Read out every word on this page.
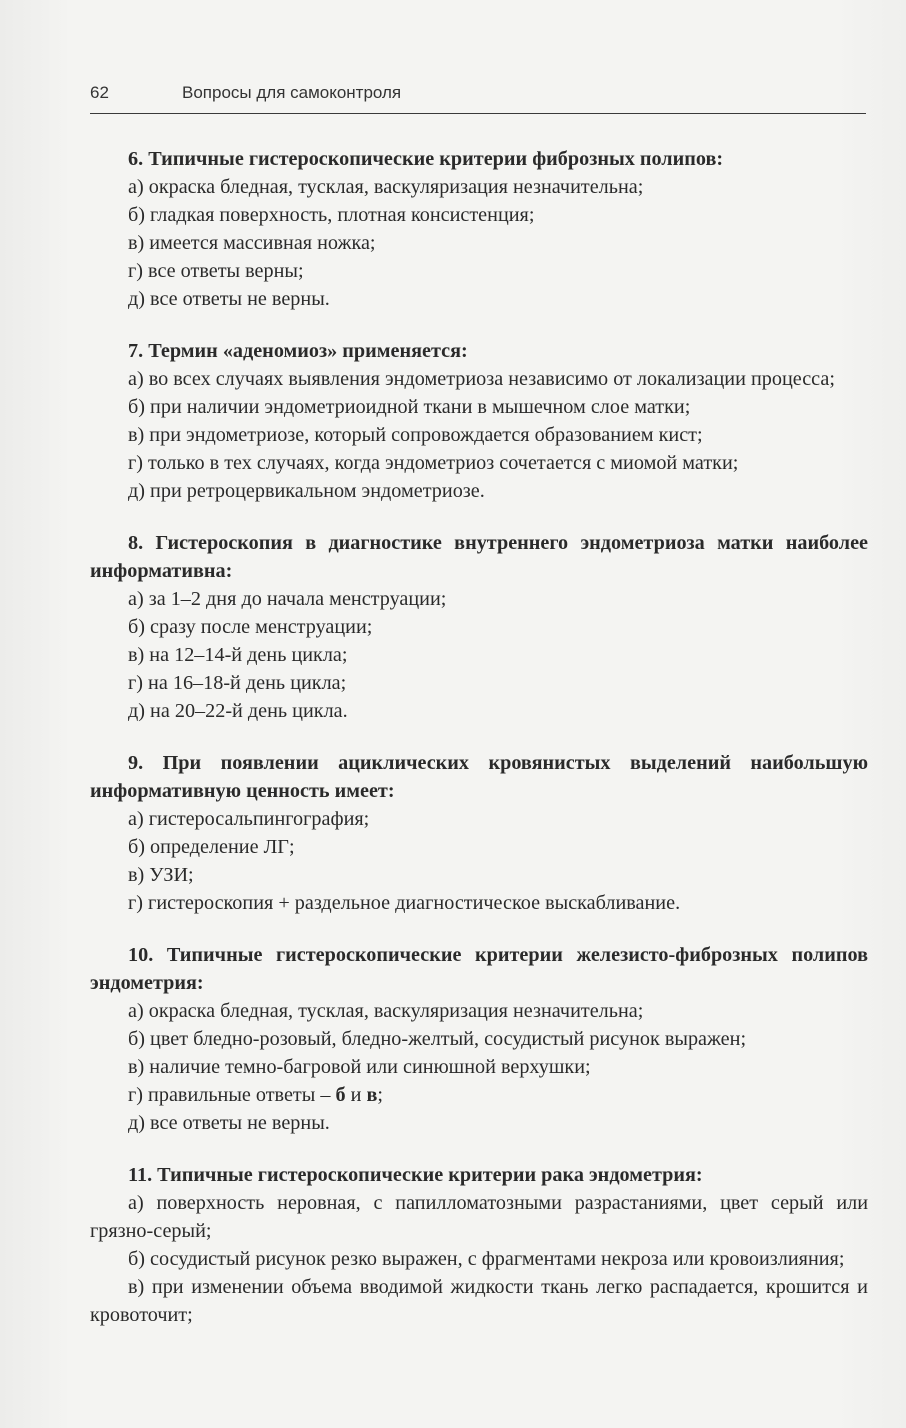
62	Вопросы для самоконтроля

6. Типичные гистероскопические критерии фиброзных полипов:

а) окраска бледная, тусклая, васкуляризация незначительна;

б) гладкая поверхность, плотная консистенция;

в) имеется массивная ножка;

г) все ответы верны;

д) все ответы не верны.

7. Термин «аденомиоз» применяется:

а) во всех случаях выявления эндометриоза независимо от локализации процесса;

б) при наличии эндометриоидной ткани в мышечном слое матки;

в) при эндометриозе, который сопровождается образованием кист;

г) только в тех случаях, когда эндометриоз сочетается с миомой матки;

д) при ретроцервикальном эндометриозе.

8. Гистероскопия в диагностике внутреннего эндометриоза матки наиболее информативна:

а) за 1–2 дня до начала менструации;

б) сразу после менструации;

в) на 12–14-й день цикла;

г) на 16–18-й день цикла;

д) на 20–22-й день цикла.

9. При появлении ациклических кровянистых выделений наибольшую информативную ценность имеет:

а) гистеросальпингография;

б) определение ЛГ;

в) УЗИ;

г) гистероскопия + раздельное диагностическое выскабливание.

10. Типичные гистероскопические критерии железисто-фиброзных полипов эндометрия:

а) окраска бледная, тусклая, васкуляризация незначительна;

б) цвет бледно-розовый, бледно-желтый, сосудистый рисунок выражен;

в) наличие темно-багровой или синюшной верхушки;

г) правильные ответы – б и в;

д) все ответы не верны.

11. Типичные гистероскопические критерии рака эндометрия:

а) поверхность неровная, с папилломатозными разрастаниями, цвет серый или грязно-серый;

б) сосудистый рисунок резко выражен, с фрагментами некроза или кровоизлияния;

в) при изменении объема вводимой жидкости ткань легко распадается, крошится и кровоточит;
